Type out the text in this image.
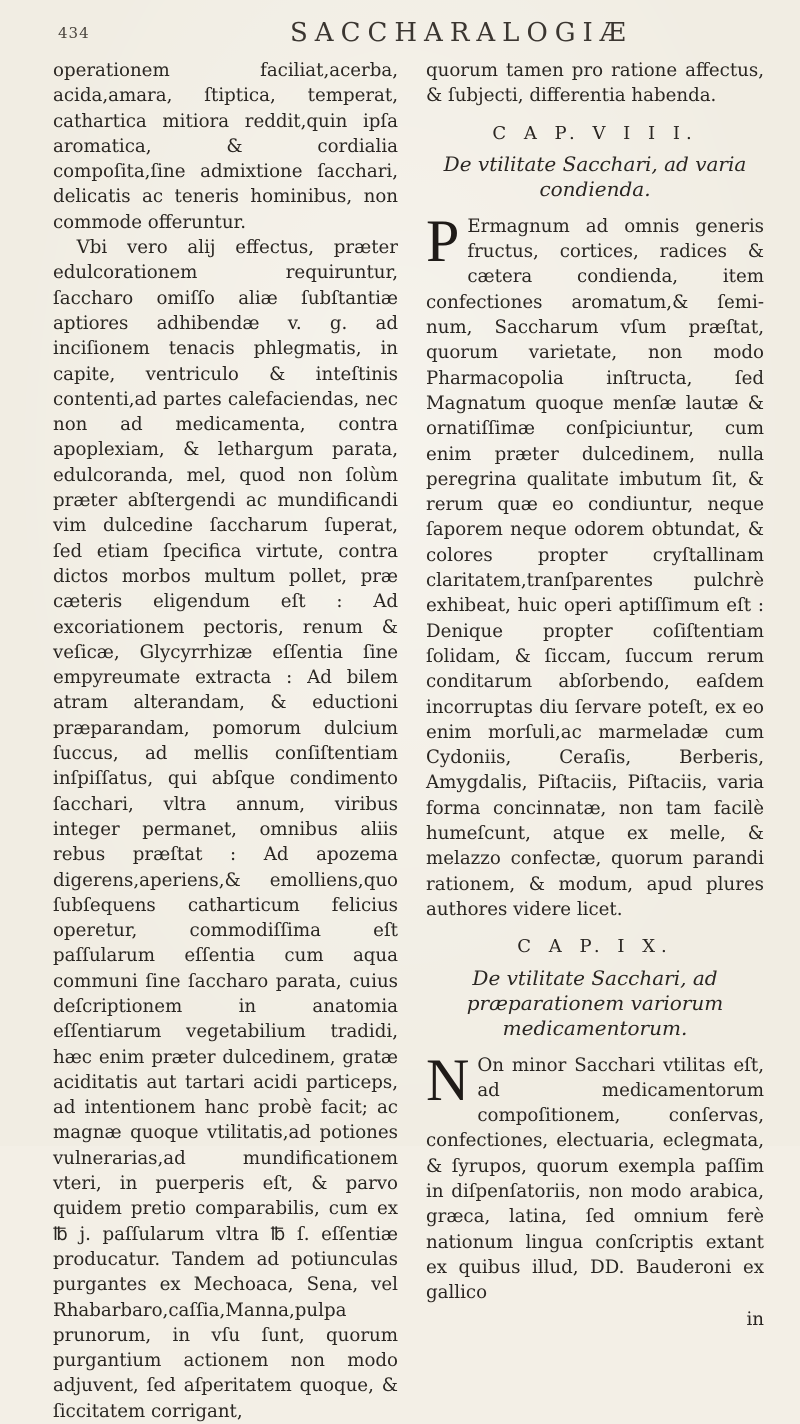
434	SACCHARALOGIÆ

operationem faciliat,acerba, acida,amara, ſtiptica, temperat, cathartica mitiora reddit,quin ipſa aromatica, & cordialia compoſita,ſine admixtione ſacchari, delicatis ac teneris hominibus, non commode offeruntur.

Vbi vero alij effectus, præter edulcorationem requiruntur, ſaccharo omiſſo aliæ ſubſtantiæ aptiores adhibendæ v. g. ad inciſionem tenacis phlegmatis, in capite, ventriculo & inteſtinis contenti,ad partes calefaciendas, nec non ad medicamenta, contra apoplexiam, & lethargum parata, edulcoranda, mel, quod non ſolùm præter abſtergendi ac mundificandi vim dulcedine ſaccharum ſuperat, ſed etiam ſpecifica virtute, contra dictos morbos multum pollet, præ cæteris eligendum eſt : Ad excoriationem pectoris, renum & veſicæ, Glycyrrhizæ eſſentia ſine empyreumate extracta : Ad bilem atram alterandam, & eductioni præparandam, pomorum dulcium ſuccus, ad mellis conſiſtentiam inſpiſſatus, qui abſque condimento ſacchari, vltra annum, viribus integer permanet, omnibus aliis rebus præſtat : Ad apozema digerens,aperiens,& emolliens,quo ſubſequens catharticum felicius operetur, commodiſſima eſt paſſularum eſſentia cum aqua communi ſine ſaccharo parata, cuius deſcriptionem in anatomia eſſentiarum vegetabilium tradidi, hæc enim præter dulcedinem, gratæ aciditatis aut tartari acidi particeps, ad intentionem hanc probè facit; ac magnæ quoque vtilitatis,ad potiones vulnerarias,ad mundificationem vteri, in puerperis eſt, & parvo quidem pretio comparabilis, cum ex ℔ j. paſſularum vltra ℔ ſ. eſſentiæ producatur. Tandem ad potiunculas purgantes ex Mechoaca, Sena, vel Rhabarbaro,caſſia,Manna,pulpa prunorum, in vſu ſunt, quorum purgantium actionem non modo adjuvent, ſed aſperitatem quoque, & ſiccitatem corrigant,

quorum tamen pro ratione affectus, & ſubjecti, differentia habenda.

C A P. V I I I.
De vtilitate Sacchari, ad varia condienda.

P Ermagnum ad omnis generis fructus, cortices, radices & cætera condienda, item confectiones aromatum,& ſemi- num, Saccharum vſum præſtat, quorum varietate, non modo Pharmacopolia inſtructa, ſed Magnatum quoque menſæ lautæ & ornatiſſimæ conſpiciuntur, cum enim præter dulcedinem, nulla peregrina qualitate imbutum ſit, & rerum quæ eo condiuntur, neque ſaporem neque odorem obtundat, & colores propter cryſtallinam claritatem,tranſparentes pulchrè exhibeat, huic operi aptiſſimum eſt : Denique propter coſiſtentiam ſolidam, & ſiccam, ſuccum rerum conditarum abſorbendo, eaſdem incorruptas diu ſervare poteſt, ex eo enim morſuli,ac marmeladæ cum Cydoniis, Ceraſis, Berberis, Amygdalis, Piſtaciis, Piſtaciis, varia forma concinnatæ, non tam facilè humeſcunt, atque ex melle, & melazzo confectæ, quorum parandi rationem, & modum, apud plures authores videre licet.

C A P. I X.
De vtilitate Sacchari, ad præparationem variorum medicamentorum.

N On minor Sacchari vtilitas eſt, ad medicamentorum compoſitionem, conſervas, confectiones, electuaria, eclegmata, & ſyrupos, quorum exempla paſſim in diſpenſatoriis, non modo arabica, græca, latina, ſed omnium ferè nationum lingua conſcriptis extant ex quibus illud, DD. Bauderoni ex gallico

in
